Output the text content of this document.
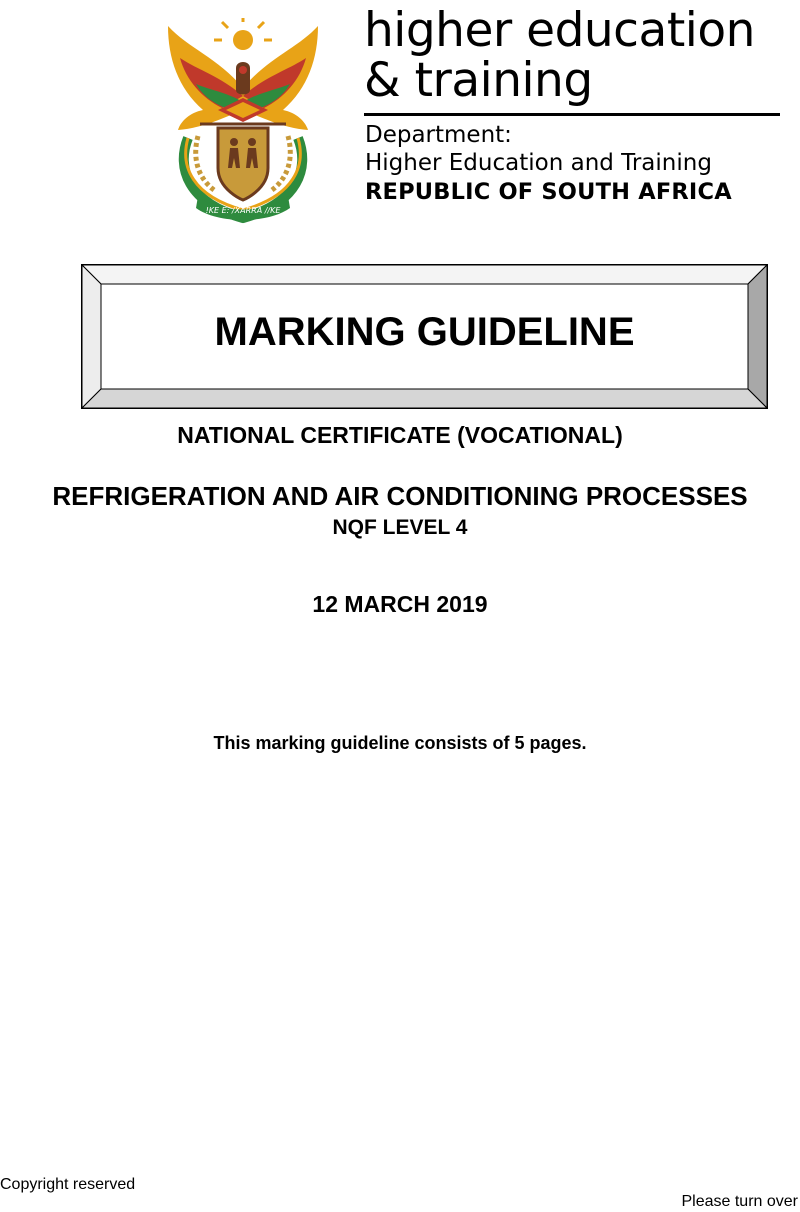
!KE E: /XARRA //KE
higher education
& training
Department:
Higher Education and Training
REPUBLIC OF SOUTH AFRICA
MARKING GUIDELINE
NATIONAL CERTIFICATE (VOCATIONAL)
REFRIGERATION AND AIR CONDITIONING PROCESSES
NQF LEVEL 4
12 MARCH 2019
This marking guideline consists of 5 pages.
Copyright reserved
Please turn over
